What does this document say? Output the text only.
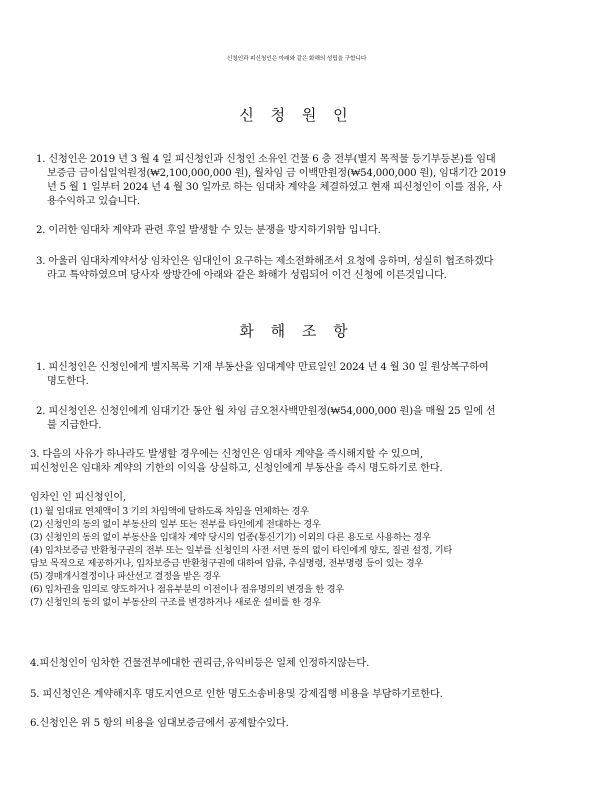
신청인과 피신청인은 아래와 같은 화해의 성립을 구합니다
신 청 원 인
1. 신청인은 2019 년 3 월 4 일 피신청인과 신청인 소유인 건물 6 층 전부(별지 목적물 등기부등본)를 임대
보증금 금이십일억원정(₩2,100,000,000 원), 월차임 금 이백만원정(₩54,000,000 원), 임대기간 2019
년 5 월 1 일부터 2024 년 4 월 30 일까로 하는 임대차 계약을 체결하였고 현재 피신청인이 이를 점유, 사
용수익하고 있습니다.
2. 이러한 임대차 계약과 관련 후일 발생할 수 있는 분쟁을 방지하기위함 입니다.
3. 아울러 임대차계약서상 임차인은 임대인이 요구하는 제소전화해조서 요청에 응하며, 성실히 협조하겠다
라고 특약하였으며 당사자 쌍방간에 아래와 같은 화해가 성립되어 이건 신청에 이른것입니다.
화 해 조 항
1. 피신청인은 신청인에게 별지목록 기재 부동산을 임대계약 만료일인 2024 년 4 월 30 일 원상복구하여
명도한다.
2. 피신청인은 신청인에게 임대기간 동안 월 차임 금오천사백만원정(₩54,000,000 원)을 매월 25 일에 선
불 지급한다.
3. 다음의 사유가 하나라도 발생할 경우에는 신청인은 임대차 계약을 즉시해지할 수 있으며,
피신청인은 임대차 계약의 기한의 이익을 상실하고, 신청인에게 부동산을 즉시 명도하기로 한다.
임차인 인 피신청인이,
(1) 월 임대료 연체액이 3 기의 차임액에 달하도록 차임을 연체하는 경우
(2) 신청인의 동의 없이 부동산의 일부 또는 전부를 타인에게 전대하는 경우
(3) 신청인의 동의 없이 부동산을 임대차 계약 당시의 업종(통신기기) 이외의 다른 용도로 사용하는 경우
(4) 임차보증금 반환청구권의 전부 또는 일부를 신청인의 사전 서면 동의 없이 타인에게 양도, 질권 설정, 기타
담보 목적으로 제공하거나, 임차보증금 반환청구권에 대하여 압류, 추심명령, 전부명령 등이 있는 경우
(5) 경매개시결정이나 파산선고 결정을 받은 경우
(6) 임차권을 임의로 양도하거나 점유부분의 이전이나 점유명의의 변경을 한 경우
(7) 신청인의 동의 없이 부동산의 구조를 변경하거나 새로운 설비를 한 경우
4.피신청인이 임차한 건물전부에대한 권리금,유익비등은 일체 인정하지않는다.
5. 피신청인은 계약해지후 명도지연으로 인한 명도소송비용및 강제집행 비용을 부담하기로한다.
6.신청인은 위 5 항의 비용을 임대보증금에서 공제할수있다.
